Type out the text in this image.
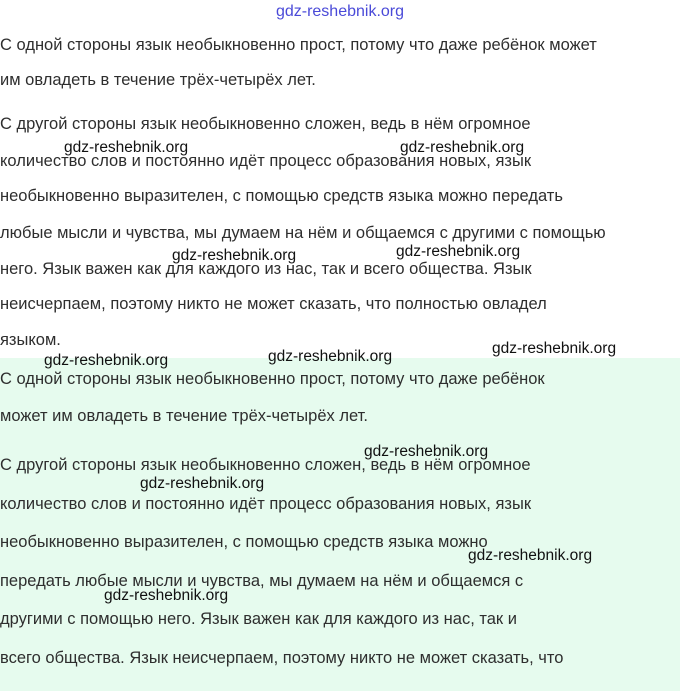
gdz-reshebnik.org
С одной стороны язык необыкновенно прост, потому что даже ребёнок может
им овладеть в течение трёх-четырёх лет.
С другой стороны язык необыкновенно сложен, ведь в нём огромное
количество слов и постоянно идёт процесс образования новых, язык
необыкновенно выразителен, с помощью средств языка можно передать
любые мысли и чувства, мы думаем на нём и общаемся с другими с помощью
него. Язык важен как для каждого из нас, так и всего общества. Язык
неисчерпаем, поэтому никто не может сказать, что полностью овладел
языком.
С одной стороны язык необыкновенно прост, потому что даже ребёнок
может им овладеть в течение трёх-четырёх лет.
С другой стороны язык необыкновенно сложен, ведь в нём огромное
количество слов и постоянно идёт процесс образования новых, язык
необыкновенно выразителен, с помощью средств языка можно
передать любые мысли и чувства, мы думаем на нём и общаемся с
другими с помощью него. Язык важен как для каждого из нас, так и
всего общества. Язык неисчерпаем, поэтому никто не может сказать, что
gdz-reshebnik.org	gdz-reshebnik.org
gdz-reshebnik.org	gdz-reshebnik.org
gdz-reshebnik.org	gdz-reshebnik.org	gdz-reshebnik.org
gdz-reshebnik.org
gdz-reshebnik.org
gdz-reshebnik.org
gdz-reshebnik.org
